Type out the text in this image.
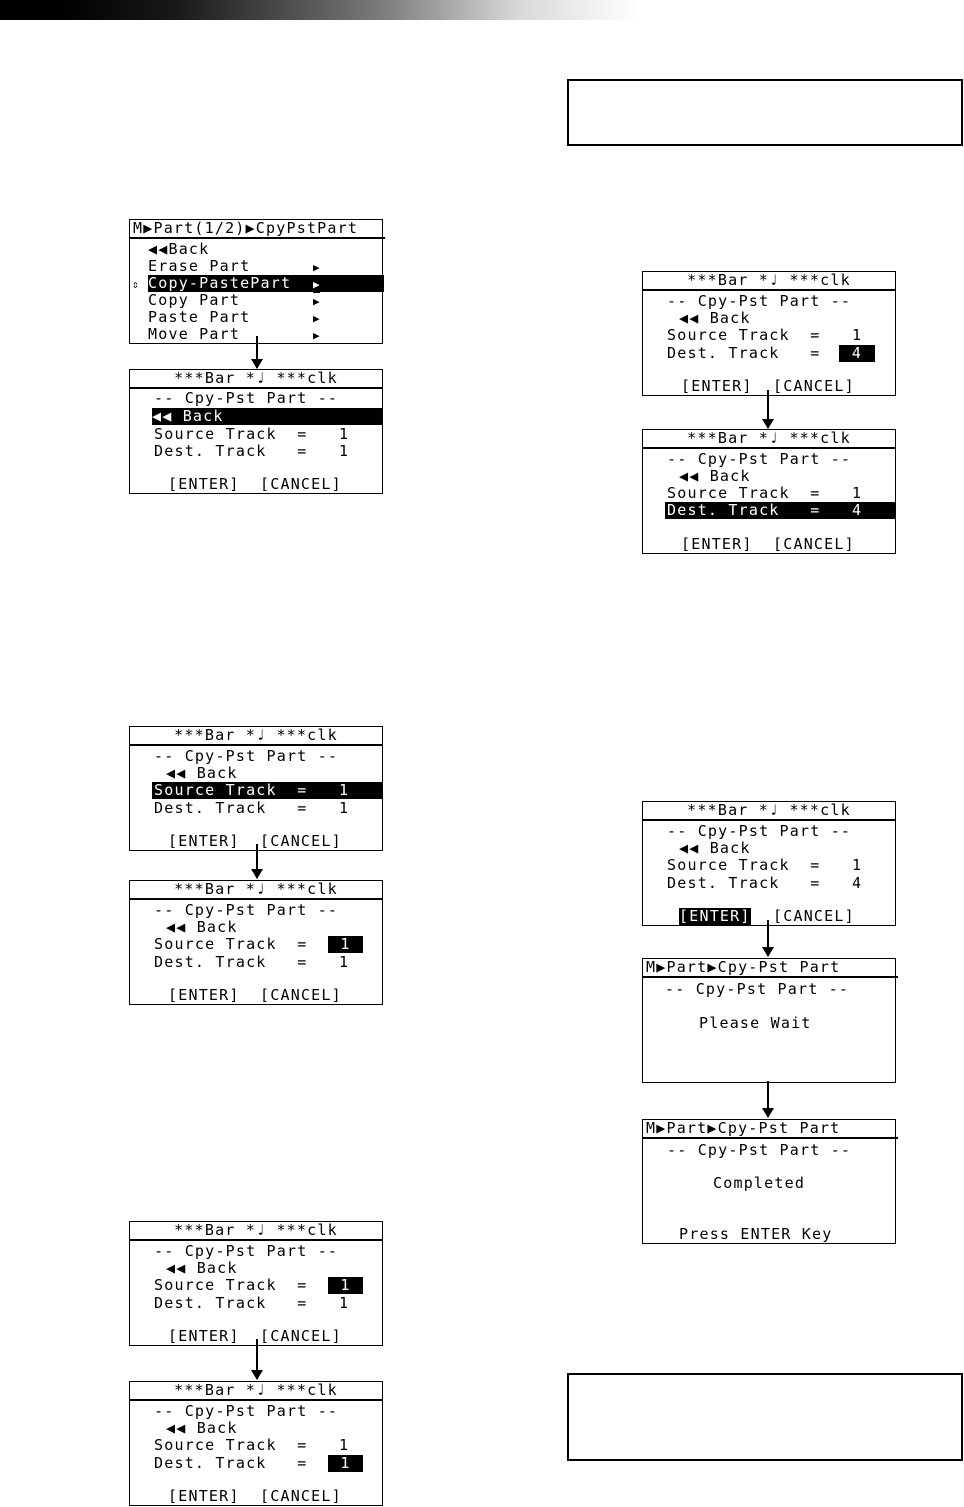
M▶Part(1/2)▶CpyPstPart
◀◀Back
Erase Part	▶
⇕ Copy-PastePart	▶
Copy Part	▶
Paste Part	▶
Move Part	▶
***Bar *♩ ***clk
-- Cpy-Pst Part --
◀◀ Back
Source Track  = 1
Dest. Track   = 1
[ENTER] [CANCEL]
***Bar *♩ ***clk
-- Cpy-Pst Part --
◀◀ Back
Source Track  = 1
Dest. Track   = 1
[ENTER] [CANCEL]
***Bar *♩ ***clk
-- Cpy-Pst Part --
◀◀ Back
Source Track  =	1
Dest. Track   = 1
[ENTER] [CANCEL]
***Bar *♩ ***clk
-- Cpy-Pst Part --
◀◀ Back
Source Track  =	1
Dest. Track   = 1
[ENTER] [CANCEL]
***Bar *♩ ***clk
-- Cpy-Pst Part --
◀◀ Back
Source Track  = 1
Dest. Track   =	1
[ENTER] [CANCEL]
***Bar *♩ ***clk
-- Cpy-Pst Part --
◀◀ Back
Source Track  = 1
Dest. Track   =	4
[ENTER] [CANCEL]
***Bar *♩ ***clk
-- Cpy-Pst Part --
◀◀ Back
Source Track  = 1
Dest. Track   = 4
[ENTER] [CANCEL]
***Bar *♩ ***clk
-- Cpy-Pst Part --
◀◀ Back
Source Track  = 1
Dest. Track   = 4
[ENTER] [CANCEL]
M▶Part▶Cpy-Pst Part
-- Cpy-Pst Part --
Please Wait
M▶Part▶Cpy-Pst Part
-- Cpy-Pst Part --
Completed
Press ENTER Key
